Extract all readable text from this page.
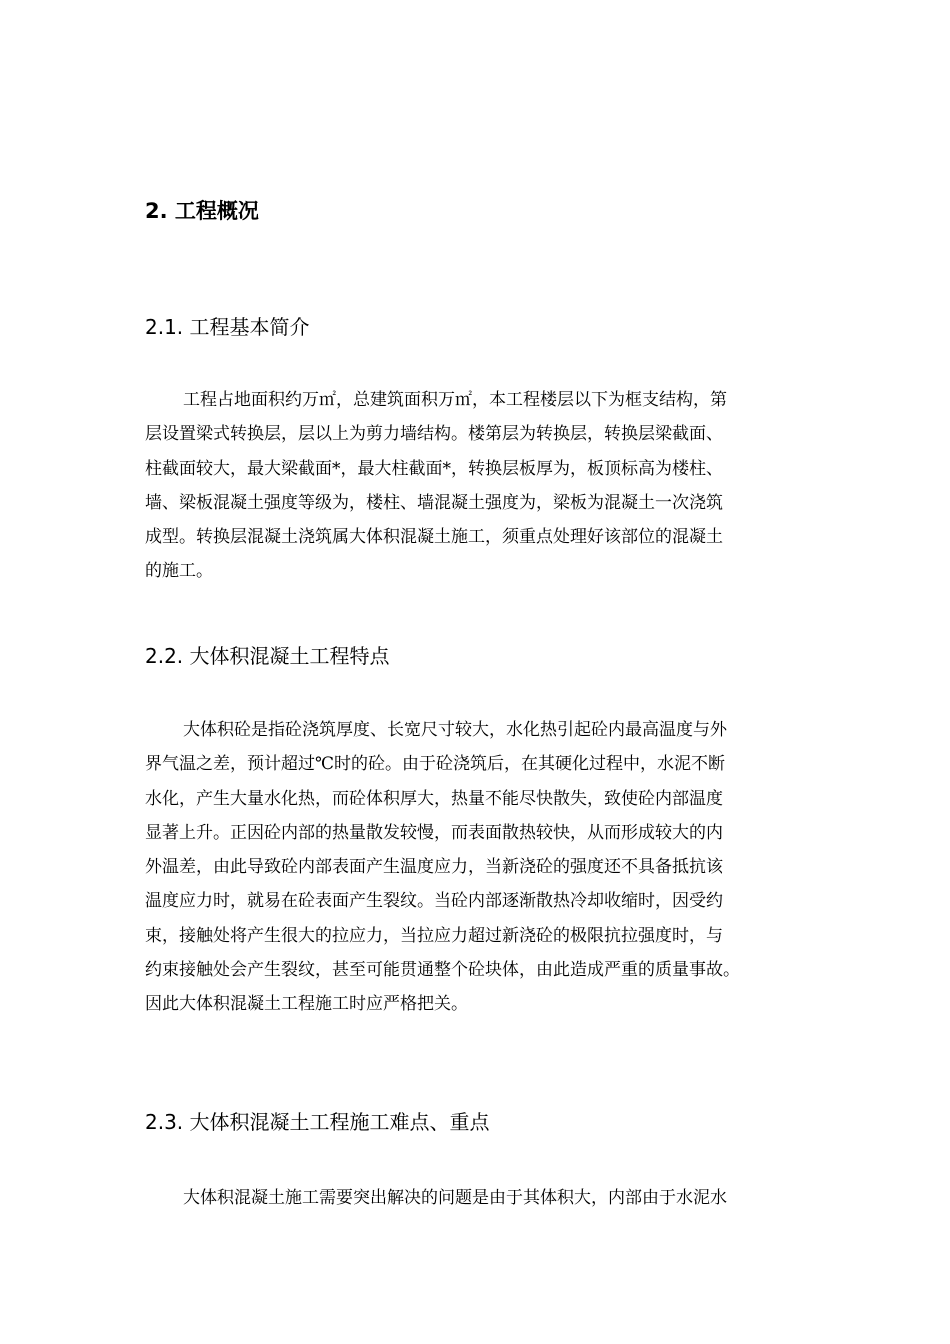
2. 工程概况
2.1. 工程基本简介
工程占地面积约万㎡，总建筑面积万㎡，本工程楼层以下为框支结构，第
层设置梁式转换层，层以上为剪力墙结构。楼第层为转换层，转换层梁截面、
柱截面较大，最大梁截面*，最大柱截面*，转换层板厚为，板顶标高为楼柱、
墙、梁板混凝土强度等级为，楼柱、墙混凝土强度为，梁板为混凝土一次浇筑
成型。转换层混凝土浇筑属大体积混凝土施工，须重点处理好该部位的混凝土
的施工。
2.2. 大体积混凝土工程特点
大体积砼是指砼浇筑厚度、长宽尺寸较大，水化热引起砼内最高温度与外
界气温之差，预计超过℃时的砼。由于砼浇筑后，在其硬化过程中，水泥不断
水化，产生大量水化热，而砼体积厚大，热量不能尽快散失，致使砼内部温度
显著上升。正因砼内部的热量散发较慢，而表面散热较快，从而形成较大的内
外温差，由此导致砼内部表面产生温度应力，当新浇砼的强度还不具备抵抗该
温度应力时，就易在砼表面产生裂纹。当砼内部逐渐散热冷却收缩时，因受约
束，接触处将产生很大的拉应力，当拉应力超过新浇砼的极限抗拉强度时，与
约束接触处会产生裂纹，甚至可能贯通整个砼块体，由此造成严重的质量事故。
因此大体积混凝土工程施工时应严格把关。
2.3. 大体积混凝土工程施工难点、重点
大体积混凝土施工需要突出解决的问题是由于其体积大，内部由于水泥水
